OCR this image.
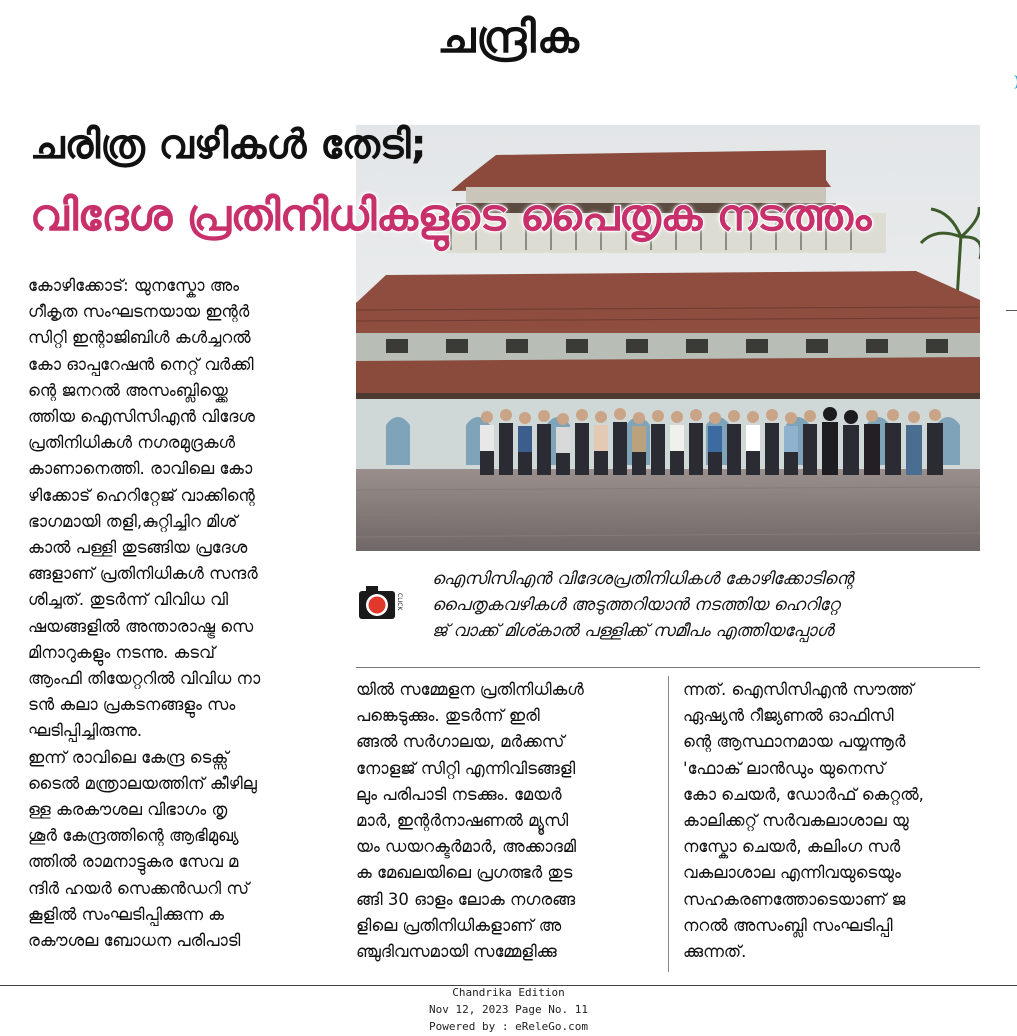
ചന്ദ്രിക
ചരിത്ര വഴികൾ തേടി;
വിദേശ പ്രതിനിധികളുടെ പൈതൃക നടത്തം
CLICK
ഐസിസിഎൻ വിദേശപ്രതിനിധികൾ കോഴിക്കോടിന്റെ
പൈതൃകവഴികൾ അടുത്തറിയാൻ നടത്തിയ ഹെറിറ്റേ
ജ് വാക്ക് മിശ്കാൽ പള്ളിക്ക് സമീപം എത്തിയപ്പോൾ
കോഴിക്കോട്: യുനസ്കോ അം
ഗീകൃത സംഘടനയായ ഇന്റർ
സിറ്റി ഇന്റാജിബിൾ കൾച്ചറൽ
കോ ഓപ്പറേഷൻ നെറ്റ് വർക്കി
ന്റെ ജനറൽ അസംബ്ലിയ്ക്കെ
ത്തിയ ഐസിസിഎൻ വിദേശ
പ്രതിനിധികൾ നഗരമുദ്രകൾ
കാണാനെത്തി. രാവിലെ കോ
ഴിക്കോട് ഹെറിറ്റേജ് വാക്കിന്റെ
ഭാഗമായി തളി,കുറ്റിച്ചിറ മിശ്
കാൽ പള്ളി തുടങ്ങിയ പ്രദേശ
ങ്ങളാണ് പ്രതിനിധികൾ സന്ദർ
ശിച്ചത്. തുടർന്ന് വിവിധ വി
ഷയങ്ങളിൽ അന്താരാഷ്ട്ര സെ
മിനാറുകളും നടന്നു. കടവ്
ആംഫി തിയേറ്ററിൽ വിവിധ നാ
ടൻ കലാ പ്രകടനങ്ങളും സം
ഘടിപ്പിച്ചിരുന്നു.
ഇന്ന് രാവിലെ കേന്ദ്ര ടെക്സ്
ടൈൽ മന്ത്രാലയത്തിന് കീഴിലു
ള്ള കരകൗശല വിഭാഗം തൃ
ശൂർ കേന്ദ്രത്തിന്റെ ആഭിമുഖ്യ
ത്തിൽ രാമനാട്ടുകര സേവ മ
ന്ദിർ ഹയർ സെക്കൻഡറി സ്
കൂളിൽ സംഘടിപ്പിക്കുന്ന ക
രകൗശല ബോധന പരിപാടി
യിൽ സമ്മേളന പ്രതിനിധികൾ
പങ്കെടുക്കും. തുടർന്ന് ഇരി
ങ്ങൽ സർഗാലയ, മർക്കസ്
നോളജ് സിറ്റി എന്നിവിടങ്ങളി
ലും പരിപാടി നടക്കും. മേയർ
മാർ, ഇന്റർനാഷണൽ മ്യൂസി
യം ഡയറക്ടർമാർ, അക്കാദമി
ക മേഖലയിലെ പ്രഗത്ഭർ തുട
ങ്ങി 30 ഓളം ലോക നഗരങ്ങ
ളിലെ പ്രതിനിധികളാണ് അ
ഞ്ചുദിവസമായി സമ്മേളിക്കു
ന്നത്. ഐസിസിഎൻ സൗത്ത്
ഏഷ്യൻ റീജ്യണൽ ഓഫിസി
ന്റെ ആസ്ഥാനമായ പയ്യന്നൂർ
'ഫോക് ലാൻഡും യുനെസ്
കോ ചെയർ, ഡോർഫ് കെറ്റൽ,
കാലിക്കറ്റ് സർവകലാശാല യു
നസ്കോ ചെയർ, കലിംഗ സർ
വകലാശാല എന്നിവയുടെയും
സഹകരണത്തോടെയാണ് ജ
നറൽ അസംബ്ലി സംഘടിപ്പി
ക്കുന്നത്.
Chandrika Edition
Nov 12, 2023 Page No. 11
Powered by : eReleGo.com
